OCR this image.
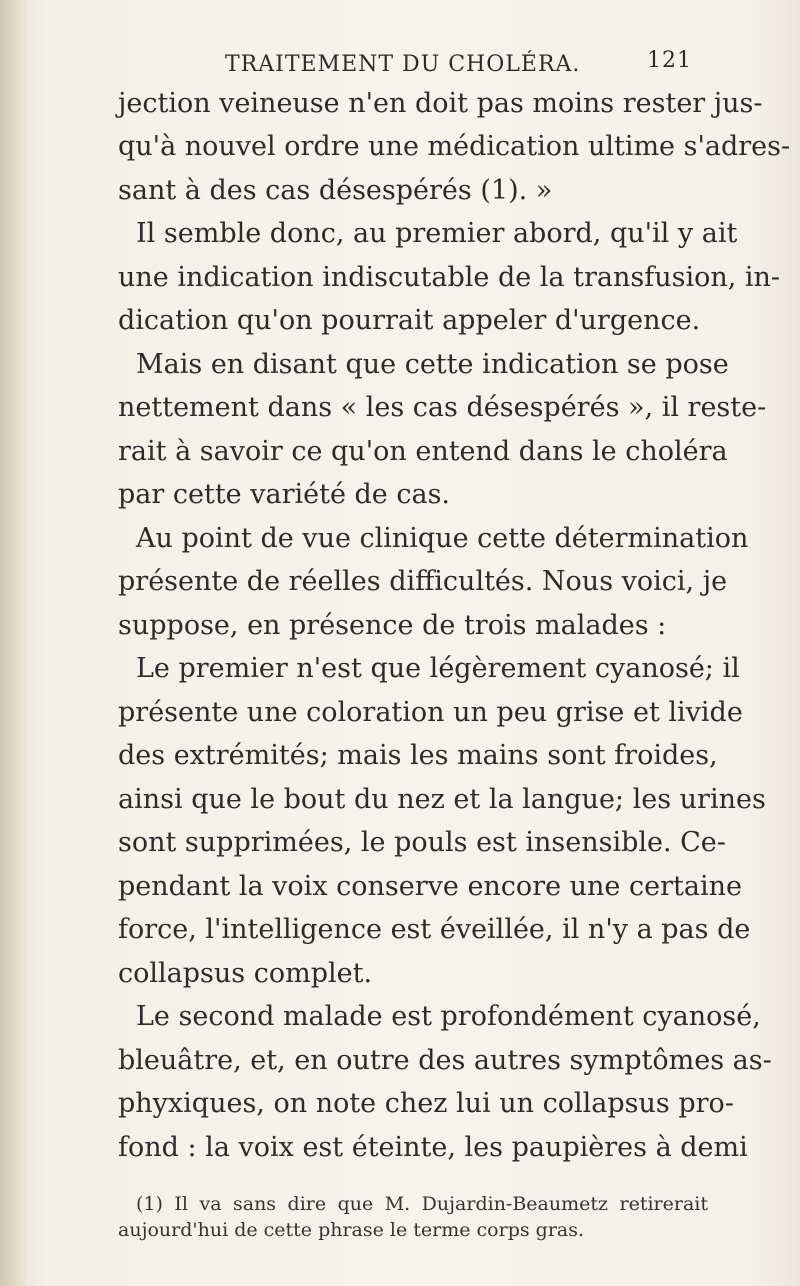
TRAITEMENT DU CHOLÉRA.	121
jection veineuse n'en doit pas moins rester jus-
qu'à nouvel ordre une médication ultime s'adres-
sant à des cas désespérés (1). »
Il semble donc, au premier abord, qu'il y ait
une indication indiscutable de la transfusion, in-
dication qu'on pourrait appeler d'urgence.
Mais en disant que cette indication se pose
nettement dans « les cas désespérés », il reste-
rait à savoir ce qu'on entend dans le choléra
par cette variété de cas.
Au point de vue clinique cette détermination
présente de réelles difficultés. Nous voici, je
suppose, en présence de trois malades :
Le premier n'est que légèrement cyanosé; il
présente une coloration un peu grise et livide
des extrémités; mais les mains sont froides,
ainsi que le bout du nez et la langue; les urines
sont supprimées, le pouls est insensible. Ce-
pendant la voix conserve encore une certaine
force, l'intelligence est éveillée, il n'y a pas de
collapsus complet.
Le second malade est profondément cyanosé,
bleuâtre, et, en outre des autres symptômes as-
phyxiques, on note chez lui un collapsus pro-
fond : la voix est éteinte, les paupières à demi
(1) Il va sans dire que M. Dujardin-Beaumetz retirerait
aujourd'hui de cette phrase le terme corps gras.
